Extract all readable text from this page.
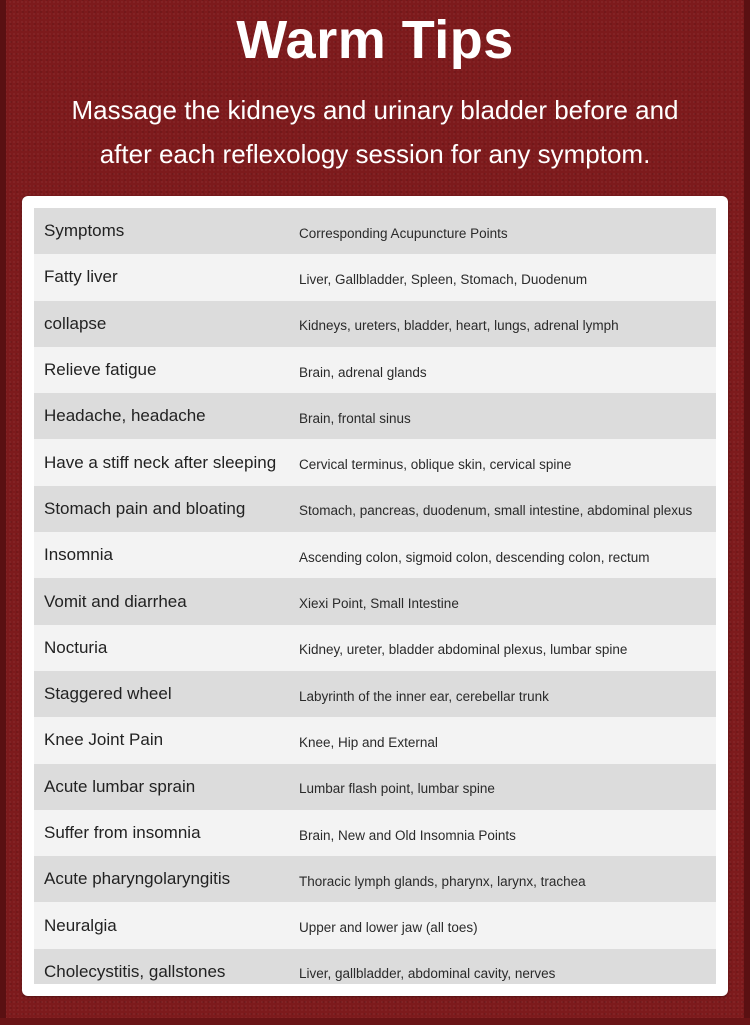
Warm Tips
Massage the kidneys and urinary bladder before and
after each reflexology session for any symptom.
Symptoms	Corresponding Acupuncture Points
Fatty liver	Liver, Gallbladder, Spleen, Stomach, Duodenum
collapse	Kidneys, ureters, bladder, heart, lungs, adrenal lymph
Relieve fatigue	Brain, adrenal glands
Headache, headache	Brain, frontal sinus
Have a stiff neck after sleeping	Cervical terminus, oblique skin, cervical spine
Stomach pain and bloating	Stomach, pancreas, duodenum, small intestine, abdominal plexus
Insomnia	Ascending colon, sigmoid colon, descending colon, rectum
Vomit and diarrhea	Xiexi Point, Small Intestine
Nocturia	Kidney, ureter, bladder abdominal plexus, lumbar spine
Staggered wheel	Labyrinth of the inner ear, cerebellar trunk
Knee Joint Pain	Knee, Hip and External
Acute lumbar sprain	Lumbar flash point, lumbar spine
Suffer from insomnia	Brain, New and Old Insomnia Points
Acute pharyngolaryngitis	Thoracic lymph glands, pharynx, larynx, trachea
Neuralgia	Upper and lower jaw (all toes)
Cholecystitis, gallstones	Liver, gallbladder, abdominal cavity, nerves
